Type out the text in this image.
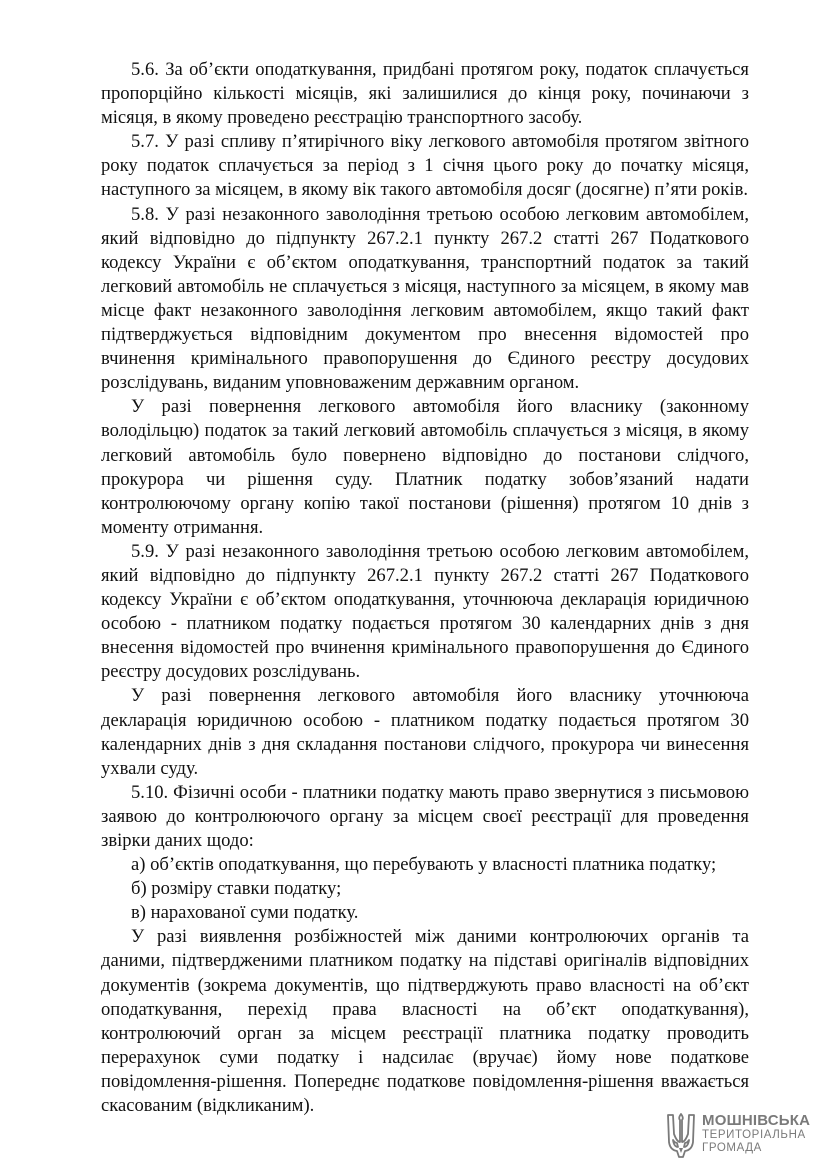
5.6. За об’єкти оподаткування, придбані протягом року, податок сплачується пропорційно кількості місяців, які залишилися до кінця року, починаючи з місяця, в якому проведено реєстрацію транспортного засобу.

5.7. У разі спливу п’ятирічного віку легкового автомобіля протягом звітного року податок сплачується за період з 1 січня цього року до початку місяця, наступного за місяцем, в якому вік такого автомобіля досяг (досягне) п’яти років.

5.8. У разі незаконного заволодіння третьою особою легковим автомобілем, який відповідно до підпункту 267.2.1 пункту 267.2 статті 267 Податкового кодексу України є об’єктом оподаткування, транспортний податок за такий легковий автомобіль не сплачується з місяця, наступного за місяцем, в якому мав місце факт незаконного заволодіння легковим автомобілем, якщо такий факт підтверджується відповідним документом про внесення відомостей про вчинення кримінального правопорушення до Єдиного реєстру досудових розслідувань, виданим уповноваженим державним органом.

У разі повернення легкового автомобіля його власнику (законному володільцю) податок за такий легковий автомобіль сплачується з місяця, в якому легковий автомобіль було повернено відповідно до постанови слідчого, прокурора чи рішення суду. Платник податку зобов’язаний надати контролюючому органу копію такої постанови (рішення) протягом 10 днів з моменту отримання.

5.9. У разі незаконного заволодіння третьою особою легковим автомобілем, який відповідно до підпункту 267.2.1 пункту 267.2 статті 267 Податкового кодексу України є об’єктом оподаткування, уточнююча декларація юридичною особою - платником податку подається протягом 30 календарних днів з дня внесення відомостей про вчинення кримінального правопорушення до Єдиного реєстру досудових розслідувань.

У разі повернення легкового автомобіля його власнику уточнююча декларація юридичною особою - платником податку подається протягом 30 календарних днів з дня складання постанови слідчого, прокурора чи винесення ухвали суду.

5.10. Фізичні особи - платники податку мають право звернутися з письмовою заявою до контролюючого органу за місцем своєї реєстрації для проведення звірки даних щодо:

а) об’єктів оподаткування, що перебувають у власності платника податку;

б) розміру ставки податку;

в) нарахованої суми податку.

У разі виявлення розбіжностей між даними контролюючих органів та даними, підтвердженими платником податку на підставі оригіналів відповідних документів (зокрема документів, що підтверджують право власності на об’єкт оподаткування, перехід права власності на об’єкт оподаткування), контролюючий орган за місцем реєстрації платника податку проводить перерахунок суми податку і надсилає (вручає) йому нове податкове повідомлення-рішення. Попереднє податкове повідомлення-рішення вважається скасованим (відкликаним).

МОШНІВСЬКА
ТЕРИТОРІАЛЬНА
ГРОМАДА
